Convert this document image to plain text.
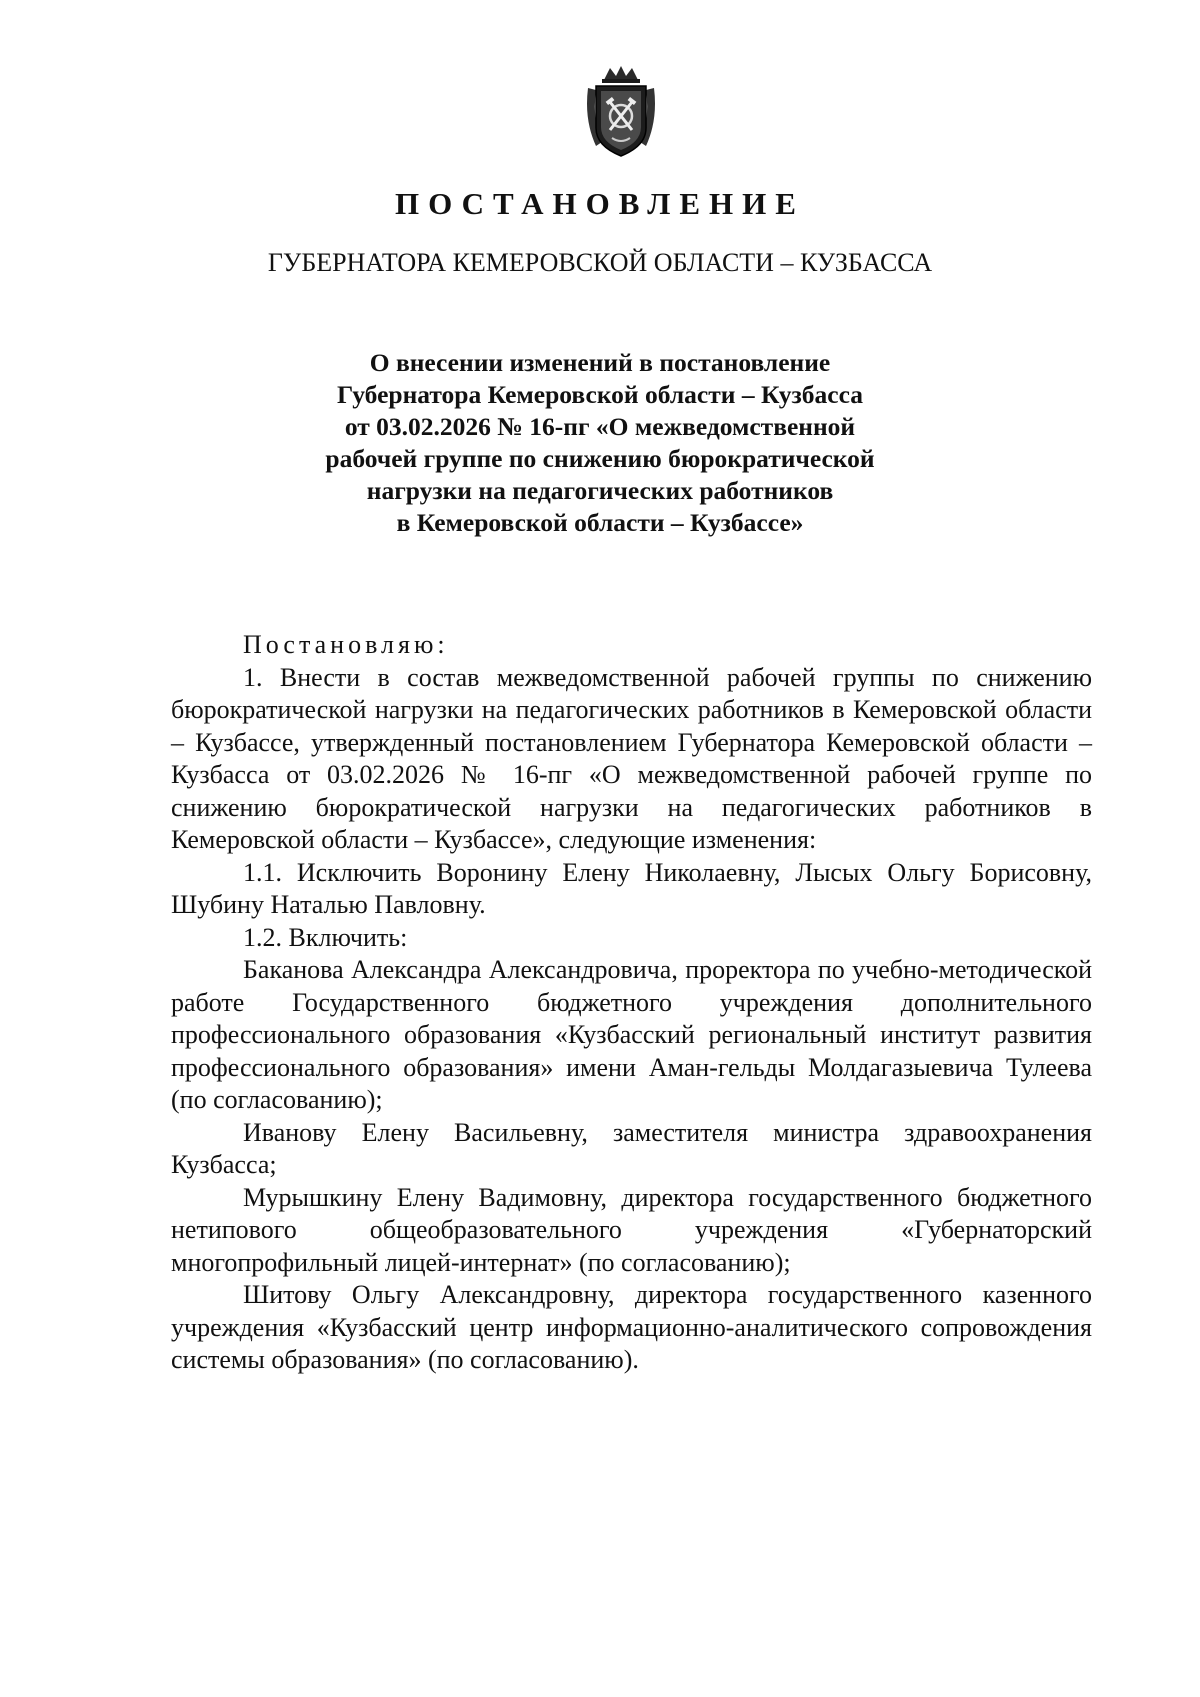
ПОСТАНОВЛЕНИЕ

ГУБЕРНАТОРА КЕМЕРОВСКОЙ ОБЛАСТИ – КУЗБАССА

О внесении изменений в постановление
Губернатора Кемеровской области – Кузбасса
от 03.02.2026 № 16-пг «О межведомственной
рабочей группе по снижению бюрократической
нагрузки на педагогических работников
в Кемеровской области – Кузбассе»

Постановляю:

1. Внести в состав межведомственной рабочей группы по снижению бюрократической нагрузки на педагогических работников в Кемеровской области – Кузбассе, утвержденный постановлением Губернатора Кемеровской области – Кузбасса от 03.02.2026 № 16-пг «О межведомственной рабочей группе по снижению бюрократической нагрузки на педагогических работников в Кемеровской области – Кузбассе», следующие изменения:

1.1. Исключить Воронину Елену Николаевну, Лысых Ольгу Борисовну, Шубину Наталью Павловну.

1.2. Включить:

Баканова Александра Александровича, проректора по учебно-методической работе Государственного бюджетного учреждения дополнительного профессионального образования «Кузбасский региональный институт развития профессионального образования» имени Аман-гельды Молдагазыевича Тулеева (по согласованию);

Иванову Елену Васильевну, заместителя министра здравоохранения Кузбасса;

Мурышкину Елену Вадимовну, директора государственного бюджетного нетипового общеобразовательного учреждения «Губернаторский многопрофильный лицей-интернат» (по согласованию);

Шитову Ольгу Александровну, директора государственного казенного учреждения «Кузбасский центр информационно-аналитического сопровождения системы образования» (по согласованию).
